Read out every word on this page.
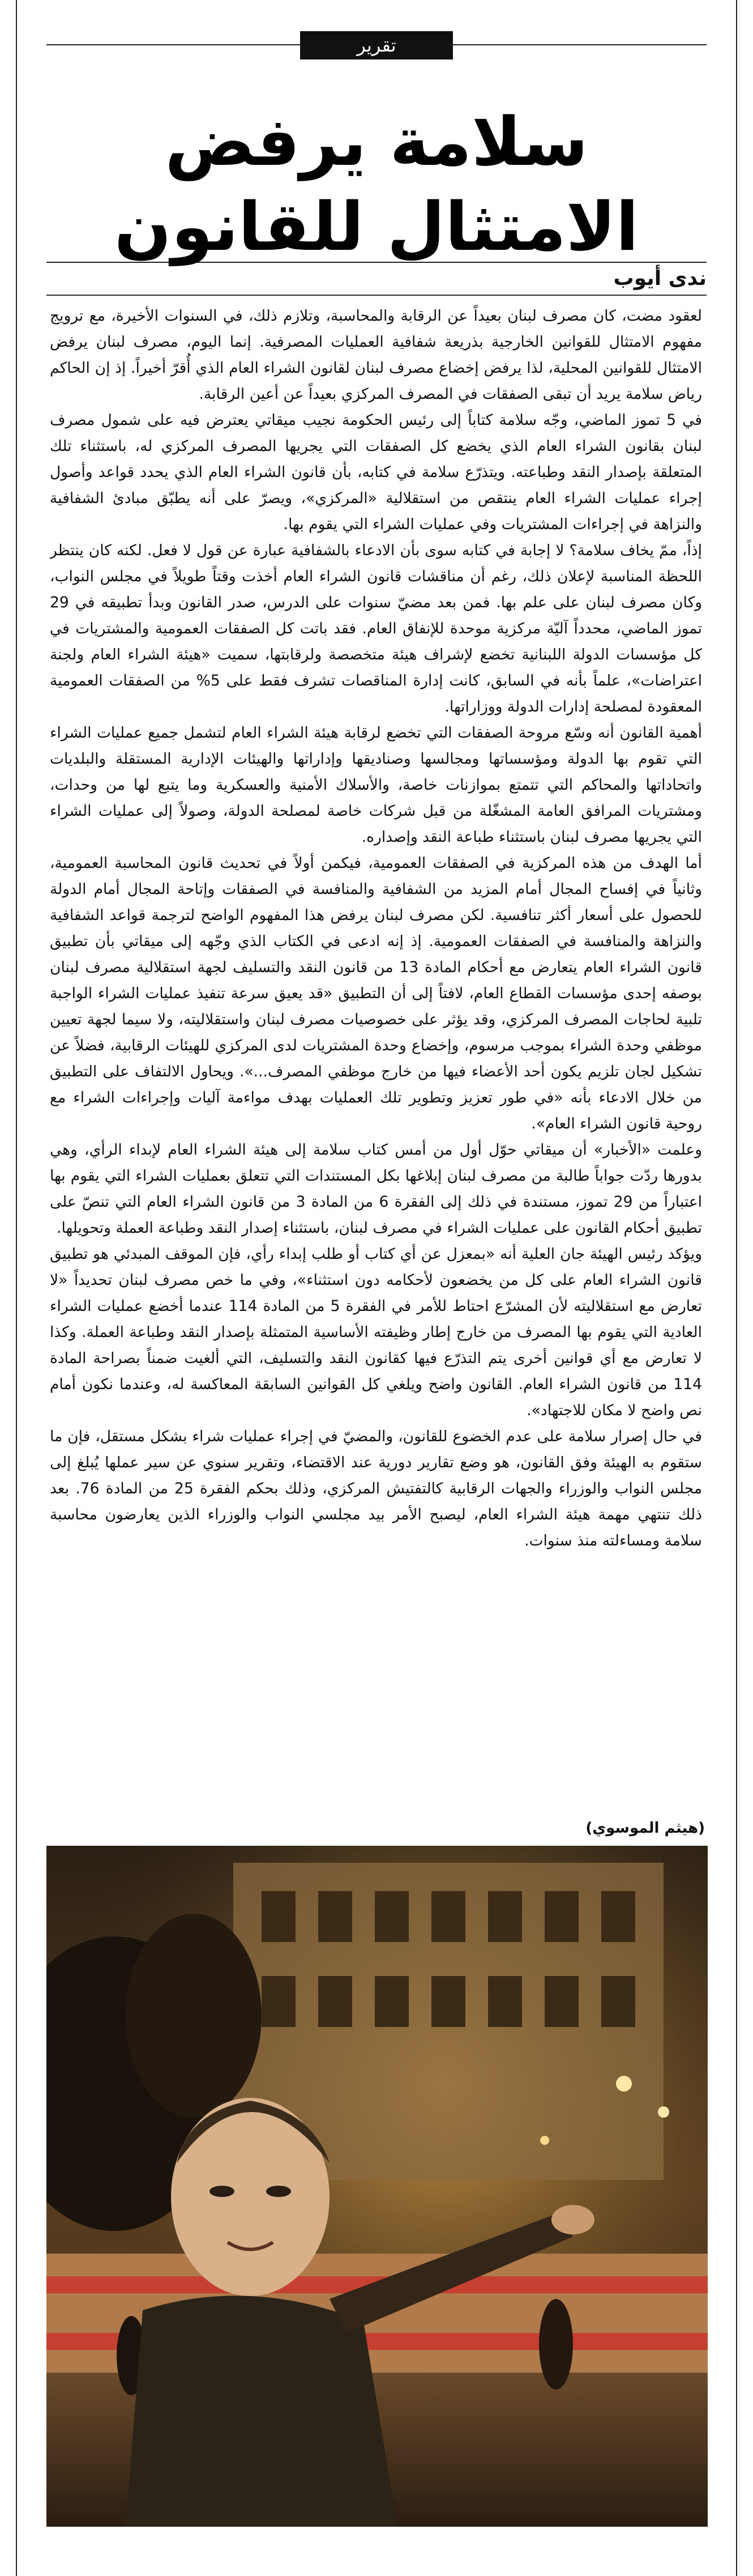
تقرير
سلامة يرفض
الامتثال للقانون
ندى أيوب

لعقود مضت، كان مصرف لبنان بعيداً عن الرقابة والمحاسبة، وتلازم ذلك، في السنوات الأخيرة، مع ترويج مفهوم الامتثال للقوانين الخارجية بذريعة شفافية العمليات المصرفية. إنما اليوم، مصرف لبنان يرفض الامتثال للقوانين المحلية، لذا يرفض إخضاع مصرف لبنان لقانون الشراء العام الذي أُقرّ أخيراً. إذ إن الحاكم رياض سلامة يريد أن تبقى الصفقات في المصرف المركزي بعيداً عن أعين الرقابة.

في 5 تموز الماضي، وجّه سلامة كتاباً إلى رئيس الحكومة نجيب ميقاتي يعترض فيه على شمول مصرف لبنان بقانون الشراء العام الذي يخضع كل الصفقات التي يجريها المصرف المركزي له، باستثناء تلك المتعلقة بإصدار النقد وطباعته. ويتذرّع سلامة في كتابه، بأن قانون الشراء العام الذي يحدد قواعد وأصول إجراء عمليات الشراء العام ينتقص من استقلالية «المركزي»، ويصرّ على أنه يطبّق مبادئ الشفافية والنزاهة في إجراءات المشتريات وفي عمليات الشراء التي يقوم بها.

إذاً، ممّ يخاف سلامة؟ لا إجابة في كتابه سوى بأن الادعاء بالشفافية عبارة عن قول لا فعل. لكنه كان ينتظر اللحظة المناسبة لإعلان ذلك، رغم أن مناقشات قانون الشراء العام أخذت وقتاً طويلاً في مجلس النواب، وكان مصرف لبنان على علم بها. فمن بعد مضيّ سنوات على الدرس، صدر القانون وبدأ تطبيقه في 29 تموز الماضي، محدداً آليّة مركزية موحدة للإنفاق العام. فقد باتت كل الصفقات العمومية والمشتريات في كل مؤسسات الدولة اللبنانية تخضع لإشراف هيئة متخصصة ولرقابتها، سميت «هيئة الشراء العام ولجنة اعتراضات»، علماً بأنه في السابق، كانت إدارة المناقصات تشرف فقط على 5% من الصفقات العمومية المعقودة لمصلحة إدارات الدولة ووزاراتها.

أهمية القانون أنه وسّع مروحة الصفقات التي تخضع لرقابة هيئة الشراء العام لتشمل جميع عمليات الشراء التي تقوم بها الدولة ومؤسساتها ومجالسها وصناديقها وإداراتها والهيئات الإدارية المستقلة والبلديات واتحاداتها والمحاكم التي تتمتع بموازنات خاصة، والأسلاك الأمنية والعسكرية وما يتبع لها من وحدات، ومشتريات المرافق العامة المشغّلة من قبل شركات خاصة لمصلحة الدولة، وصولاً إلى عمليات الشراء التي يجريها مصرف لبنان باستثناء طباعة النقد وإصداره.

أما الهدف من هذه المركزية في الصفقات العمومية، فيكمن أولاً في تحديث قانون المحاسبة العمومية، وثانياً في إفساح المجال أمام المزيد من الشفافية والمنافسة في الصفقات وإتاحة المجال أمام الدولة للحصول على أسعار أكثر تنافسية. لكن مصرف لبنان يرفض هذا المفهوم الواضح لترجمة قواعد الشفافية والنزاهة والمنافسة في الصفقات العمومية. إذ إنه ادعى في الكتاب الذي وجّهه إلى ميقاتي بأن تطبيق قانون الشراء العام يتعارض مع أحكام المادة 13 من قانون النقد والتسليف لجهة استقلالية مصرف لبنان بوصفه إحدى مؤسسات القطاع العام، لافتاً إلى أن التطبيق «قد يعيق سرعة تنفيذ عمليات الشراء الواجبة تلبية لحاجات المصرف المركزي، وقد يؤثر على خصوصيات مصرف لبنان واستقلاليته، ولا سيما لجهة تعيين موظفي وحدة الشراء بموجب مرسوم، وإخضاع وحدة المشتريات لدى المركزي للهيئات الرقابية، فضلاً عن تشكيل لجان تلزيم يكون أحد الأعضاء فيها من خارج موظفي المصرف...». ويحاول الالتفاف على التطبيق من خلال الادعاء بأنه «في طور تعزيز وتطوير تلك العمليات بهدف مواءمة آليات وإجراءات الشراء مع روحية قانون الشراء العام».

وعلمت «الأخبار» أن ميقاتي حوّل أول من أمس كتاب سلامة إلى هيئة الشراء العام لإبداء الرأي، وهي بدورها ردّت جواباً طالبة من مصرف لبنان إبلاغها بكل المستندات التي تتعلق بعمليات الشراء التي يقوم بها اعتباراً من 29 تموز، مستندة في ذلك إلى الفقرة 6 من المادة 3 من قانون الشراء العام التي تنصّ على تطبيق أحكام القانون على عمليات الشراء في مصرف لبنان، باستثناء إصدار النقد وطباعة العملة وتحويلها.

ويؤكد رئيس الهيئة جان العلية أنه «بمعزل عن أي كتاب أو طلب إبداء رأي، فإن الموقف المبدئي هو تطبيق قانون الشراء العام على كل من يخضعون لأحكامه دون استثناء»، وفي ما خص مصرف لبنان تحديداً «لا تعارض مع استقلاليته لأن المشرّع احتاط للأمر في الفقرة 5 من المادة 114 عندما أخضع عمليات الشراء العادية التي يقوم بها المصرف من خارج إطار وظيفته الأساسية المتمثلة بإصدار النقد وطباعة العملة. وكذا لا تعارض مع أي قوانين أخرى يتم التذرّع فيها كقانون النقد والتسليف، التي ألغيت ضمناً بصراحة المادة 114 من قانون الشراء العام. القانون واضح ويلغي كل القوانين السابقة المعاكسة له، وعندما نكون أمام نص واضح لا مكان للاجتهاد».

في حال إصرار سلامة على عدم الخضوع للقانون، والمضيّ في إجراء عمليات شراء بشكل مستقل، فإن ما ستقوم به الهيئة وفق القانون، هو وضع تقارير دورية عند الاقتضاء، وتقرير سنوي عن سير عملها يُبلغ إلى مجلس النواب والوزراء والجهات الرقابية كالتفتيش المركزي، وذلك بحكم الفقرة 25 من المادة 76. بعد ذلك تنتهي مهمة هيئة الشراء العام، ليصبح الأمر بيد مجلسي النواب والوزراء الذين يعارضون محاسبة سلامة ومساءلته منذ سنوات.

(هيثم الموسوي)
